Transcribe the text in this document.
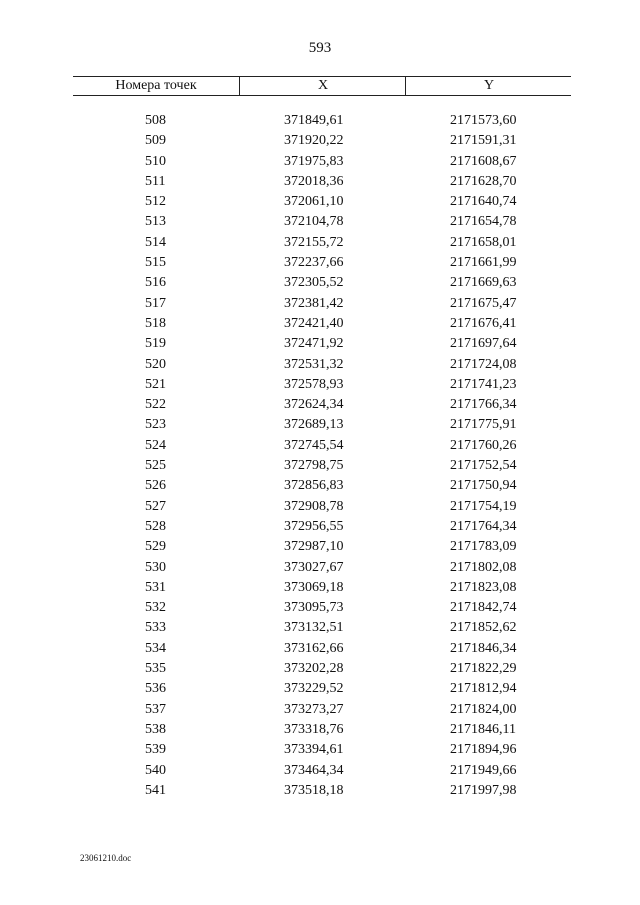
593
Номера точек	X	Y
508	371849,61	2171573,60
509	371920,22	2171591,31
510	371975,83	2171608,67
511	372018,36	2171628,70
512	372061,10	2171640,74
513	372104,78	2171654,78
514	372155,72	2171658,01
515	372237,66	2171661,99
516	372305,52	2171669,63
517	372381,42	2171675,47
518	372421,40	2171676,41
519	372471,92	2171697,64
520	372531,32	2171724,08
521	372578,93	2171741,23
522	372624,34	2171766,34
523	372689,13	2171775,91
524	372745,54	2171760,26
525	372798,75	2171752,54
526	372856,83	2171750,94
527	372908,78	2171754,19
528	372956,55	2171764,34
529	372987,10	2171783,09
530	373027,67	2171802,08
531	373069,18	2171823,08
532	373095,73	2171842,74
533	373132,51	2171852,62
534	373162,66	2171846,34
535	373202,28	2171822,29
536	373229,52	2171812,94
537	373273,27	2171824,00
538	373318,76	2171846,11
539	373394,61	2171894,96
540	373464,34	2171949,66
541	373518,18	2171997,98
23061210.doc
